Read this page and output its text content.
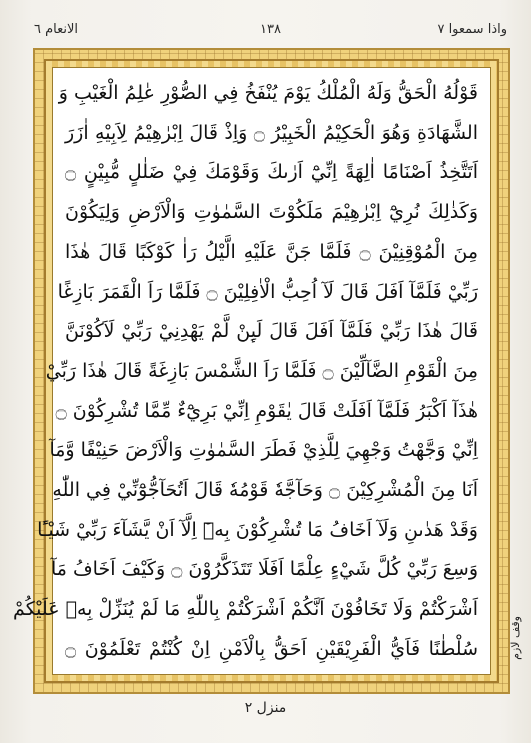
الانعام ٦	١٣٨	واذا سمعوا ٧
قَوْلُهُ الْحَقُّ وَلَهُ الْمُلْكُ يَوْمَ يُنْفَخُ فِي الصُّوْرِ عٰلِمُ الْغَيْبِ وَ
الشَّهَادَةِ وَهُوَ الْحَكِيْمُ الْخَبِيْرُ ۝ وَاِذْ قَالَ اِبْرٰهِيْمُ لِاَبِيْهِ اٰزَرَ
اَتَتَّخِذُ اَصْنَامًا اٰلِهَةً اِنِّيْٓ اَرٰىكَ وَقَوْمَكَ فِيْ ضَلٰلٍ مُّبِيْنٍ ۝
وَكَذٰلِكَ نُرِيْٓ اِبْرٰهِيْمَ مَلَكُوْتَ السَّمٰوٰتِ وَالْاَرْضِ وَلِيَكُوْنَ
مِنَ الْمُوْقِنِيْنَ ۝ فَلَمَّا جَنَّ عَلَيْهِ الَّيْلُ رَاٰ كَوْكَبًا قَالَ هٰذَا
رَبِّيْ فَلَمَّآ اَفَلَ قَالَ لَآ اُحِبُّ الْاٰفِلِيْنَ ۝ فَلَمَّا رَاَ الْقَمَرَ بَازِغًا
قَالَ هٰذَا رَبِّيْ فَلَمَّآ اَفَلَ قَالَ لَىِٕنْ لَّمْ يَهْدِنِيْ رَبِّيْ لَاَكُوْنَنَّ
مِنَ الْقَوْمِ الضَّآلِّيْنَ ۝ فَلَمَّا رَاَ الشَّمْسَ بَازِغَةً قَالَ هٰذَا رَبِّيْ
هٰذَآ اَكْبَرُ فَلَمَّآ اَفَلَتْ قَالَ يٰقَوْمِ اِنِّيْ بَرِيْٓءٌ مِّمَّا تُشْرِكُوْنَ ۝
اِنِّيْ وَجَّهْتُ وَجْهِيَ لِلَّذِيْ فَطَرَ السَّمٰوٰتِ وَالْاَرْضَ حَنِيْفًا وَّمَآ
اَنَا مِنَ الْمُشْرِكِيْنَ ۝ وَحَآجَّهٗ قَوْمُهٗ قَالَ اَتُحَآجُّوْٓنِّيْ فِي اللّٰهِ
وَقَدْ هَدٰىنِ وَلَآ اَخَافُ مَا تُشْرِكُوْنَ بِهٖٓ اِلَّآ اَنْ يَّشَآءَ رَبِّيْ شَيْـًٔا
وَسِعَ رَبِّيْ كُلَّ شَيْءٍ عِلْمًا اَفَلَا تَتَذَكَّرُوْنَ ۝ وَكَيْفَ اَخَافُ مَآ
اَشْرَكْتُمْ وَلَا تَخَافُوْنَ اَنَّكُمْ اَشْرَكْتُمْ بِاللّٰهِ مَا لَمْ يُنَزِّلْ بِهٖ عَلَيْكُمْ
سُلْطٰنًا فَاَيُّ الْفَرِيْقَيْنِ اَحَقُّ بِالْاَمْنِ اِنْ كُنْتُمْ تَعْلَمُوْنَ ۝	وقف لازم
منزل ٢
